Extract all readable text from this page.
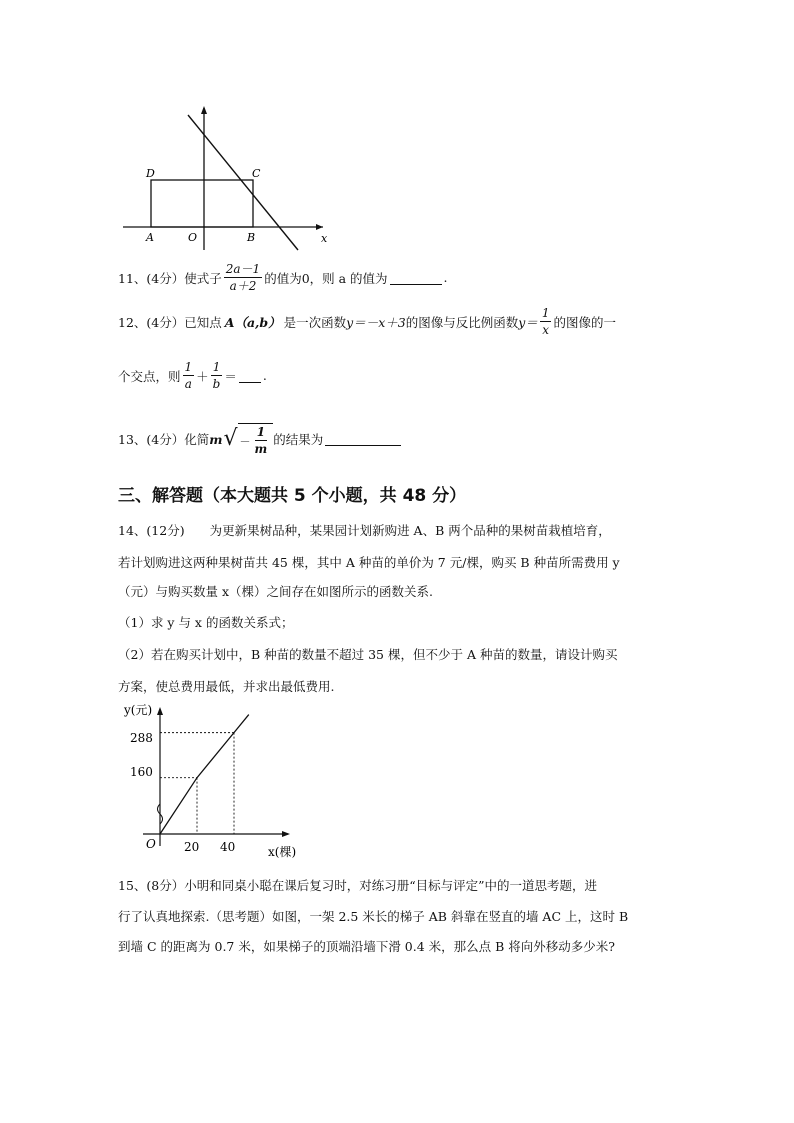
D	C
A	O	B	x
11、(4分）使式子 $\frac{2a-1}{a+2}$ 的值为0，则 a 的值为	.
12、(4分）已知点 A（a,b） 是一次函数 y＝－x＋3 的图像与反比例函数 $y= \frac{1}{x}$ 的图像的一
个交点，则 $\frac{1}{a} + \frac{1}{b}$ ＝ .
13、(4分）化简 m √ － $\frac{1}{m}$ 的结果为
三、解答题（本大题共 5 个小题，共 48 分）
14、(12分)　　为更新果树品种，某果园计划新购进 A、B 两个品种的果树苗栽植培育，
若计划购进这两种果树苗共 45 棵，其中 A 种苗的单价为 7 元/棵，购买 B 种苗所需费用 y
（元）与购买数量 x（棵）之间存在如图所示的函数关系.
（1）求 y 与 x 的函数关系式；
（2）若在购买计划中，B 种苗的数量不超过 35 棵，但不少于 A 种苗的数量，请设计购买
方案，使总费用最低，并求出最低费用.
y(元)
x(棵)
O
288
160
20 40
15、(8分）小明和同桌小聪在课后复习时，对练习册“目标与评定”中的一道思考题，进
行了认真地探索.（思考题）如图，一架 2.5 米长的梯子 AB 斜靠在竖直的墙 AC 上，这时 B
到墙 C 的距离为 0.7 米，如果梯子的顶端沿墙下滑 0.4 米，那么点 B 将向外移动多少米?
